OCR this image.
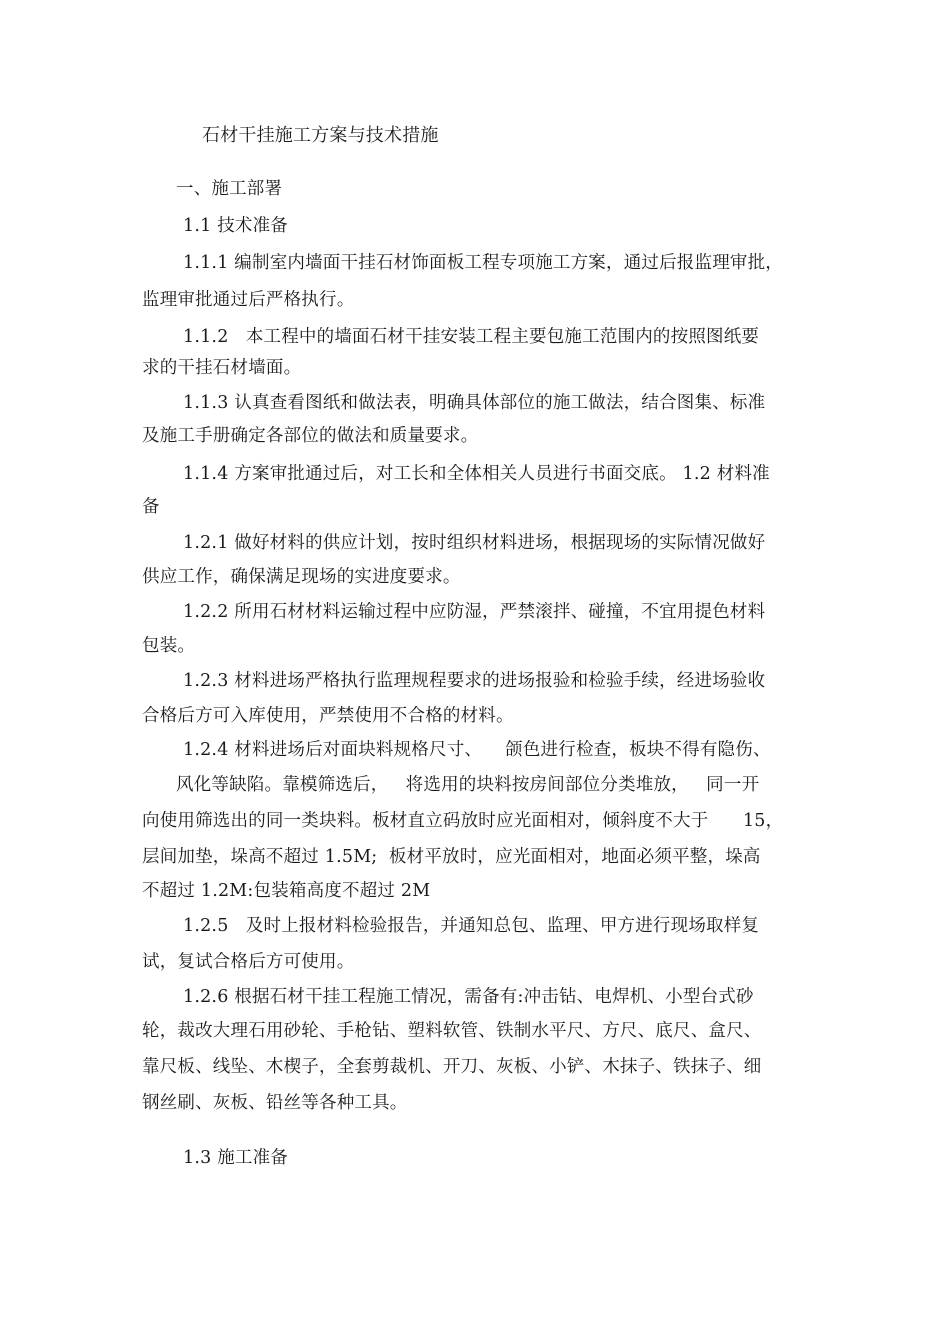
石材干挂施工方案与技术措施
一、施工部署
1.1 技术准备
1.1.1 编制室内墙面干挂石材饰面板工程专项施工方案，通过后报监理审批，
监理审批通过后严格执行。
1.1.2   本工程中的墙面石材干挂安装工程主要包施工范围内的按照图纸要
求的干挂石材墙面。
1.1.3 认真查看图纸和做法表，明确具体部位的施工做法，结合图集、标准
及施工手册确定各部位的做法和质量要求。
1.1.4 方案审批通过后，对工长和全体相关人员进行书面交底。 1.2 材料准
备
1.2.1 做好材料的供应计划，按时组织材料进场，根据现场的实际情况做好
供应工作，确保满足现场的实进度要求。
1.2.2 所用石材材料运输过程中应防湿，严禁滚拌、碰撞，不宜用提色材料
包装。
1.2.3 材料进场严格执行监理规程要求的进场报验和检验手续，经进场验收
合格后方可入库使用，严禁使用不合格的材料。
1.2.4 材料进场后对面块料规格尺寸、    颌色进行检查，板块不得有隐伤、
风化等缺陷。靠模筛选后，   将选用的块料按房间部位分类堆放，   同一开
向使用筛选出的同一类块料。板材直立码放时应光面相对，倾斜度不大于      15，
层间加垫，垛高不超过 1.5M;  板材平放时，应光面相对，地面必须平整，垛高
不超过 1.2M:包装箱高度不超过 2M
1.2.5   及时上报材料检验报告，并通知总包、监理、甲方进行现场取样复
试，复试合格后方可使用。
1.2.6 根据石材干挂工程施工情况，需备有:冲击钻、电焊机、小型台式砂
轮，裁改大理石用砂轮、手枪钻、塑料软管、铁制水平尺、方尺、底尺、盒尺、
靠尺板、线坠、木楔子，全套剪裁机、开刀、灰板、小铲、木抹子、铁抹子、细
钢丝刷、灰板、铅丝等各种工具。
1.3 施工准备
